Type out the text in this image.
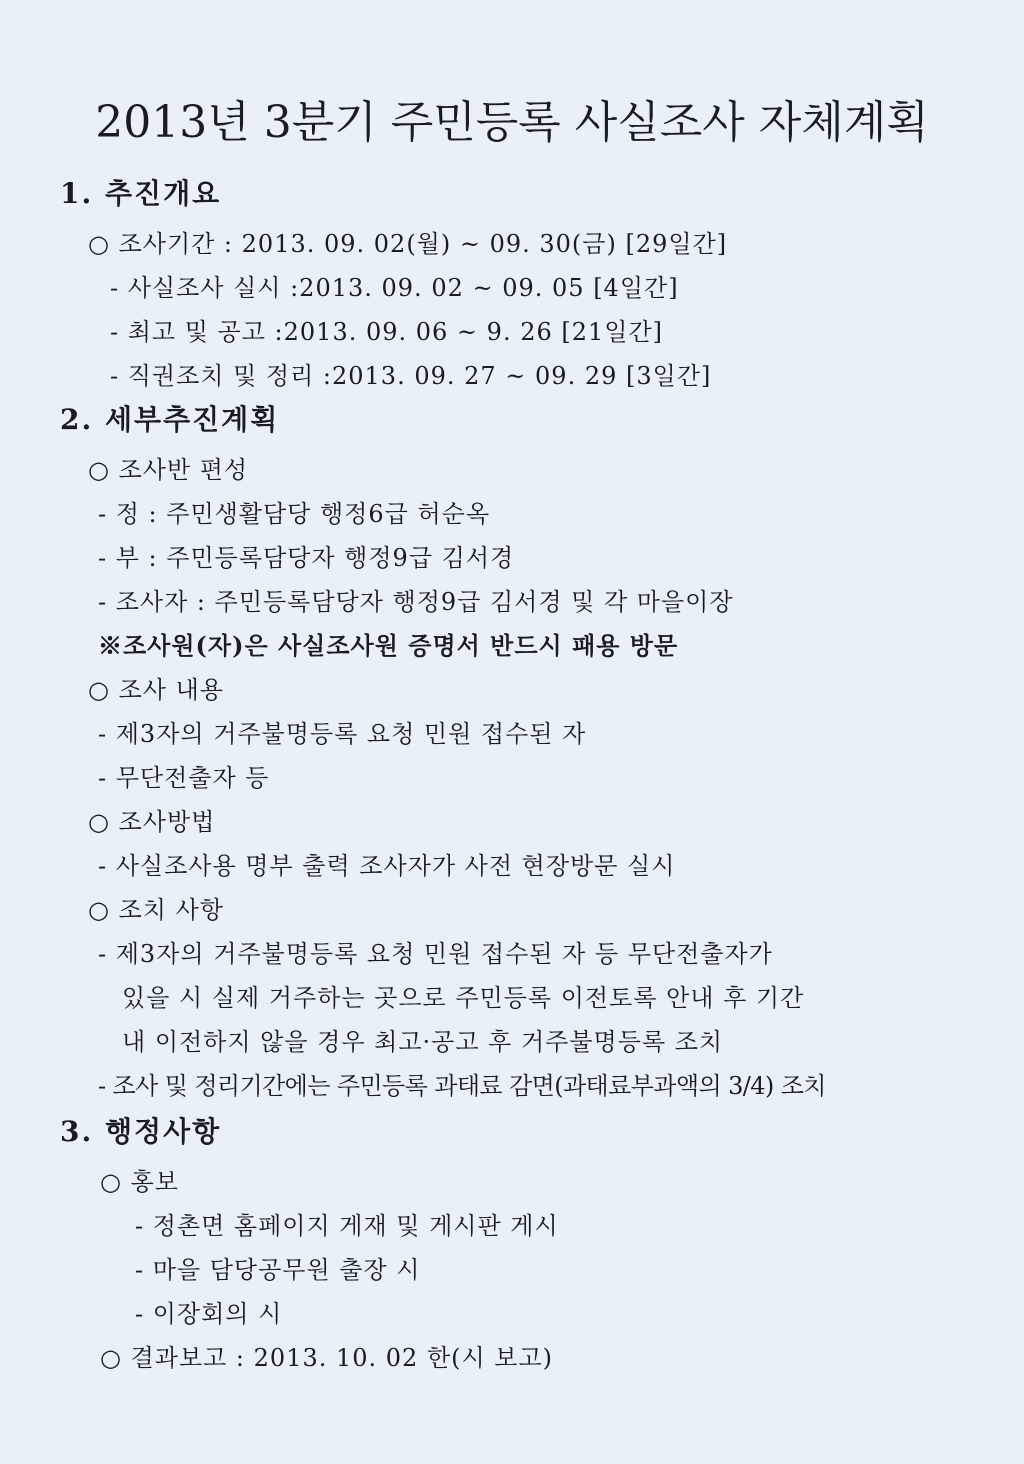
2013년 3분기 주민등록 사실조사 자체계획
1. 추진개요
○ 조사기간 : 2013. 09. 02(월) ~ 09. 30(금) [29일간]
- 사실조사 실시 :2013. 09. 02 ~ 09. 05 [4일간]
- 최고 및 공고 :2013. 09. 06 ~ 9. 26 [21일간]
- 직권조치 및 정리 :2013. 09. 27 ~ 09. 29 [3일간]
2. 세부추진계획
○ 조사반 편성
- 정 : 주민생활담당 행정6급 허순옥
- 부 : 주민등록담당자 행정9급 김서경
- 조사자 : 주민등록담당자 행정9급 김서경 및 각 마을이장
※조사원(자)은 사실조사원 증명서 반드시 패용 방문
○ 조사 내용
- 제3자의 거주불명등록 요청 민원 접수된 자
- 무단전출자 등
○ 조사방법
- 사실조사용 명부 출력 조사자가 사전 현장방문 실시
○ 조치 사항
- 제3자의 거주불명등록 요청 민원 접수된 자 등 무단전출자가
있을 시 실제 거주하는 곳으로 주민등록 이전토록 안내 후 기간
내 이전하지 않을 경우 최고·공고 후 거주불명등록 조치
- 조사 및 정리기간에는 주민등록 과태료 감면(과태료부과액의 3/4) 조치
3. 행정사항
○ 홍보
- 정촌면 홈페이지 게재 및 게시판 게시
- 마을 담당공무원 출장 시
- 이장회의 시
○ 결과보고 : 2013. 10. 02 한(시 보고)
